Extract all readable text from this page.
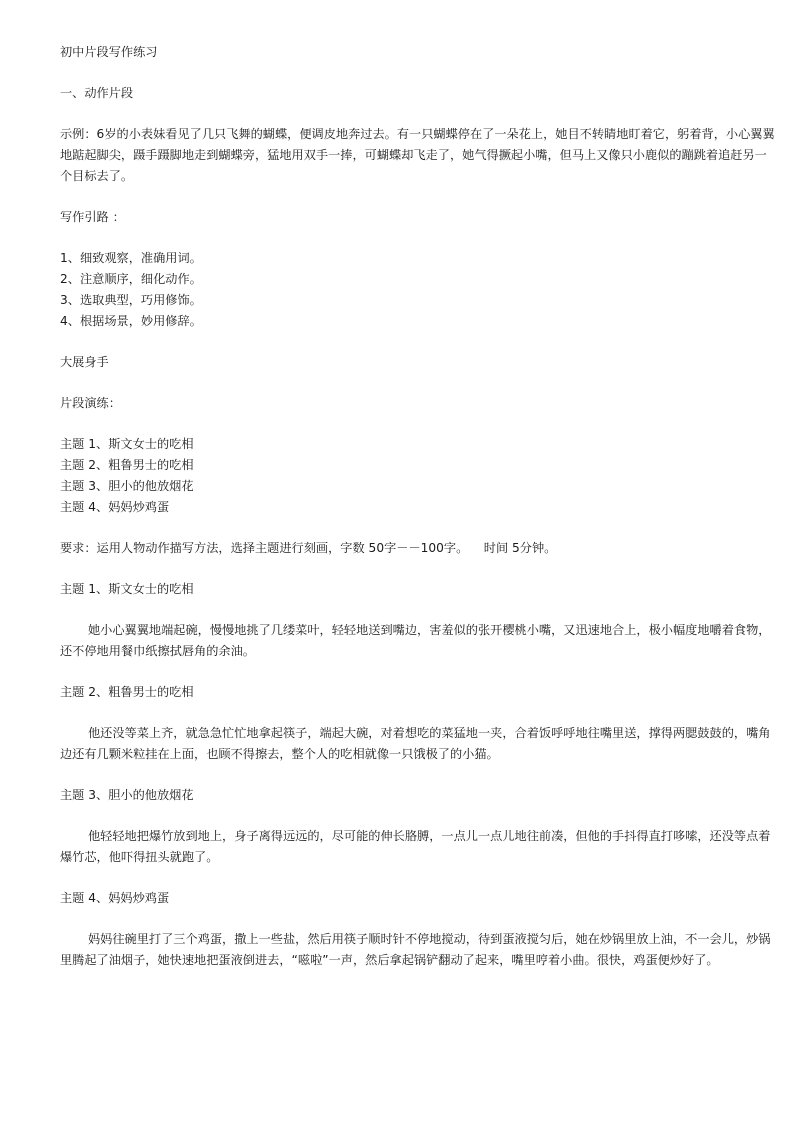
初中片段写作练习

一、动作片段

示例：6岁的小表妹看见了几只飞舞的蝴蝶，便调皮地奔过去。有一只蝴蝶停在了一朵花上，她目不转睛地盯着它，躬着背，小心翼翼地踮起脚尖，蹑手蹑脚地走到蝴蝶旁，猛地用双手一捧，可蝴蝶却飞走了，她气得撅起小嘴，但马上又像只小鹿似的蹦跳着追赶另一个目标去了。

写作引路 ：

1、细致观察，准确用词。

2、注意顺序，细化动作。

3、选取典型，巧用修饰。

4、根据场景，妙用修辞。

大展身手

片段演练：

主题 1、斯文女士的吃相

主题 2、粗鲁男士的吃相

主题 3、胆小的他放烟花

主题 4、妈妈炒鸡蛋

要求：运用人物动作描写方法，选择主题进行刻画，字数 50字－－100字。 时间 5分钟。

主题 1、斯文女士的吃相

她小心翼翼地端起碗，慢慢地挑了几缕菜叶，轻轻地送到嘴边，害羞似的张开樱桃小嘴，又迅速地合上，极小幅度地嚼着食物，还不停地用餐巾纸擦拭唇角的余油。

主题 2、粗鲁男士的吃相

他还没等菜上齐，就急急忙忙地拿起筷子，端起大碗，对着想吃的菜猛地一夹，合着饭呼呼地往嘴里送，撑得两腮鼓鼓的，嘴角边还有几颗米粒挂在上面，也顾不得擦去，整个人的吃相就像一只饿极了的小猫。

主题 3、胆小的他放烟花

他轻轻地把爆竹放到地上，身子离得远远的，尽可能的伸长胳膊，一点儿一点儿地往前凑，但他的手抖得直打哆嗦，还没等点着爆竹芯，他吓得扭头就跑了。

主题 4、妈妈炒鸡蛋

妈妈往碗里打了三个鸡蛋，撒上一些盐，然后用筷子顺时针不停地搅动，待到蛋液搅匀后，她在炒锅里放上油，不一会儿，炒锅里腾起了油烟子，她快速地把蛋液倒进去，“嗞啦”一声，然后拿起锅铲翻动了起来，嘴里哼着小曲。很快，鸡蛋便炒好了。
